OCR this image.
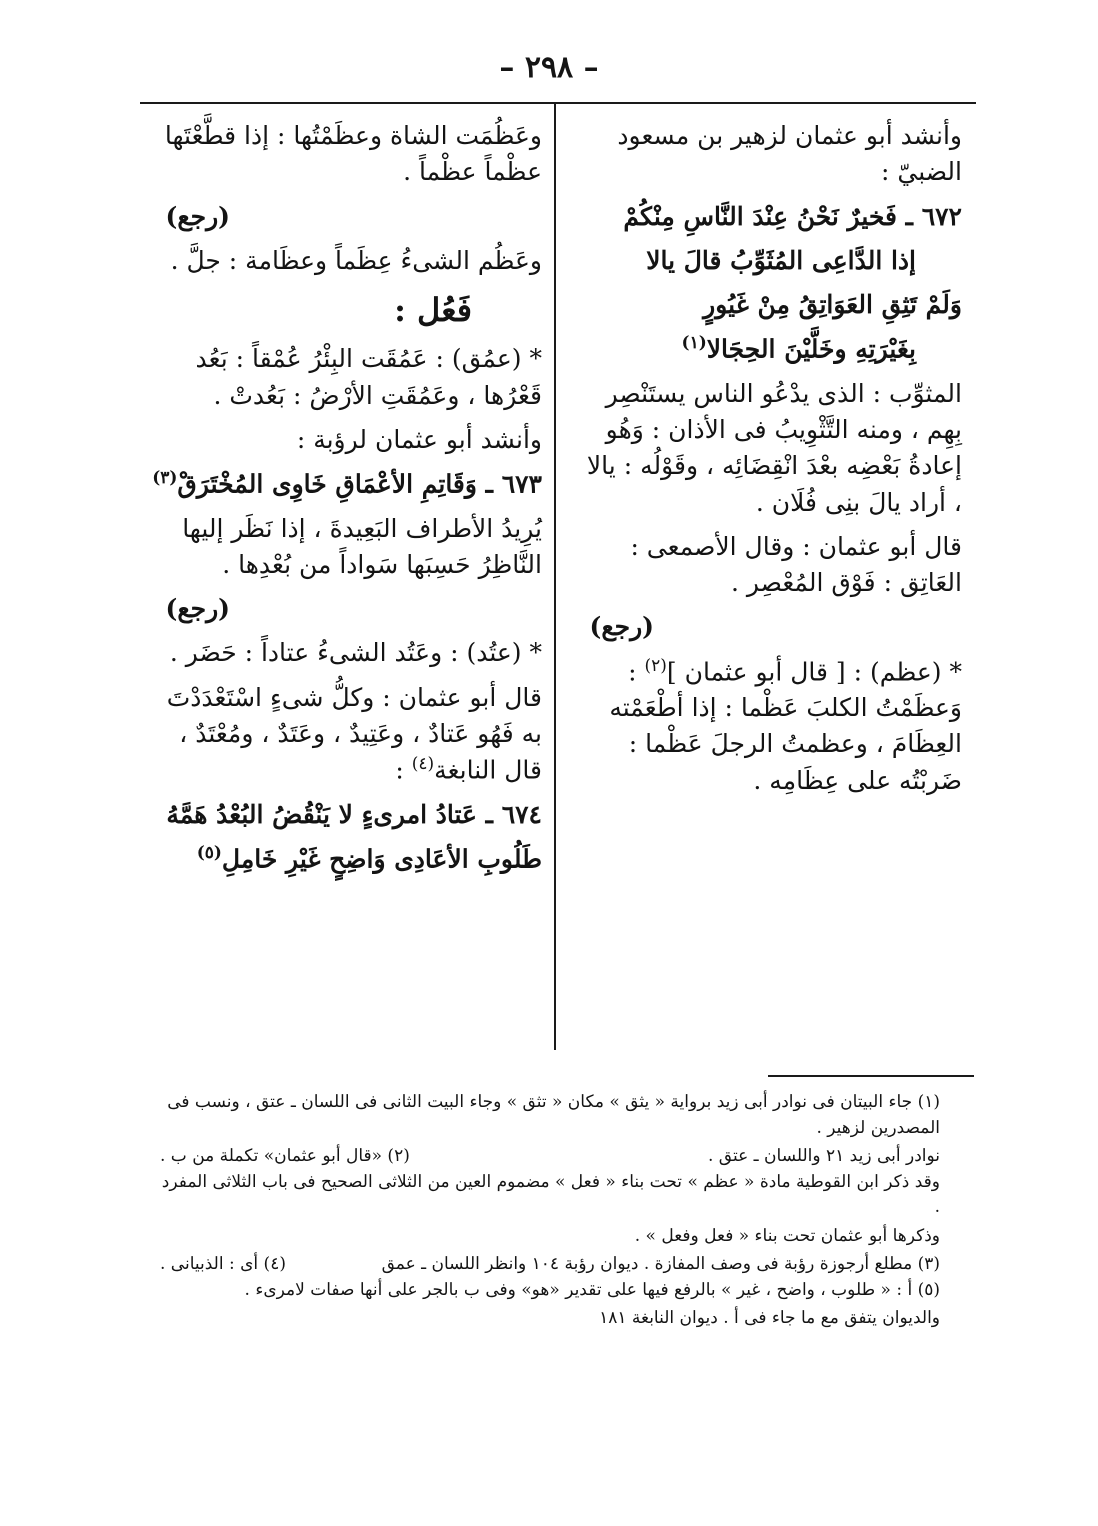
– ٢٩٨ –

وأنشد أبو عثمان لزهير بن مسعود الضبيّ :

٦٧٢ ـ فَخيرٌ نَحْنُ عِنْدَ النَّاسِ مِنْكُمْ

إذا الدَّاعِى المُثَوِّبُ قالَ يالا

وَلَمْ تَثِقِ العَوَاتِقُ مِنْ غَيُورٍ

بِغَيْرَتِهِ وخَلَّيْنَ الحِجَالا$^{(١)}$

المثوِّب : الذى يدْعُو الناس يستَنْصِر بِهِم ، ومنه التَّثْوِيبُ فى الأذان : وَهُو إعادةُ بَعْضِه بعْدَ انْقِضَائِه ، وقَوْلُه : يالا ، أراد يالَ بنِى فُلَان .

قال أبو عثمان : وقال الأصمعى : العَاتِق : فَوْق المُعْصِر .

(رجع)

* (عظم) : [ قال أبو عثمان ]$^{(٢)}$ : وَعظَمْتُ الكلبَ عَظْما : إذا أطْعَمْته العِظَامَ ، وعظمتُ الرجلَ عَظْما : ضَربْتُه على عِظَامِه .

وعَظُمَت الشاة وعظَمْتُها : إذا قطَّعْتَها عظْماً عظْماً .

(رجع)

وعَظُم الشىءُ عِظَماً وعظَامة : جلَّ .

فَعُل :

* (عمُق) : عَمُقَت البِئْرُ عُمْقاً : بَعُد قَعْرُها ، وعَمُقَتِ الأرْضُ : بَعُدتْ .

وأنشد أبو عثمان لرؤبة :

٦٧٣ ـ وَقَاتِمِ الأعْمَاقِ خَاوِى المُخْتَرَقْ$^{(٣)}$

يُرِيدُ الأطراف البَعِيدةَ ، إذا نَظَر إليها النَّاظِرُ حَسِبَها سَواداً من بُعْدِها .

(رجع)

* (عتُد) : وعَتُد الشىءُ عتاداً : حَضَر .

قال أبو عثمان : وكلُّ شىءٍ اسْتَعْدَدْتَ به فَهُو عَتادٌ ، وعَتِيدٌ ، وعَتَدٌ ، ومُعْتَدٌ ، قال النابغة$^{(٤)}$ :

٦٧٤ ـ عَتادُ امرىءٍ لا يَنْقُضُ البُعْدُ هَمَّهُ

طَلُوبِ الأعَادِى وَاضِحٍ غَيْرِ خَامِلِ$^{(٥)}$

(١) جاء البيتان فى نوادر أبى زيد برواية « يثق » مكان « تثق » وجاء البيت الثانى فى اللسان ـ عتق ، ونسب فى المصدرين لزهير .

نوادر أبى زيد ٢١ واللسان ـ عتق .
(٢) «قال أبو عثمان» تكملة من ب .

وقد ذكر ابن القوطية مادة « عظم » تحت بناء « فعل » مضموم العين من الثلاثى الصحيح فى باب الثلاثى المفرد .

وذكرها أبو عثمان تحت بناء « فعل وفعل » .

(٣) مطلع أرجوزة رؤبة فى وصف المفازة . ديوان رؤبة ١٠٤ وانظر اللسان ـ عمق
(٤) أى : الذبيانى .

(٥) أ : « طلوب ، واضح ، غير » بالرفع فيها على تقدير «هو» وفى ب بالجر على أنها صفات لامرىء .

والديوان يتفق مع ما جاء فى أ . ديوان النابغة ١٨١
